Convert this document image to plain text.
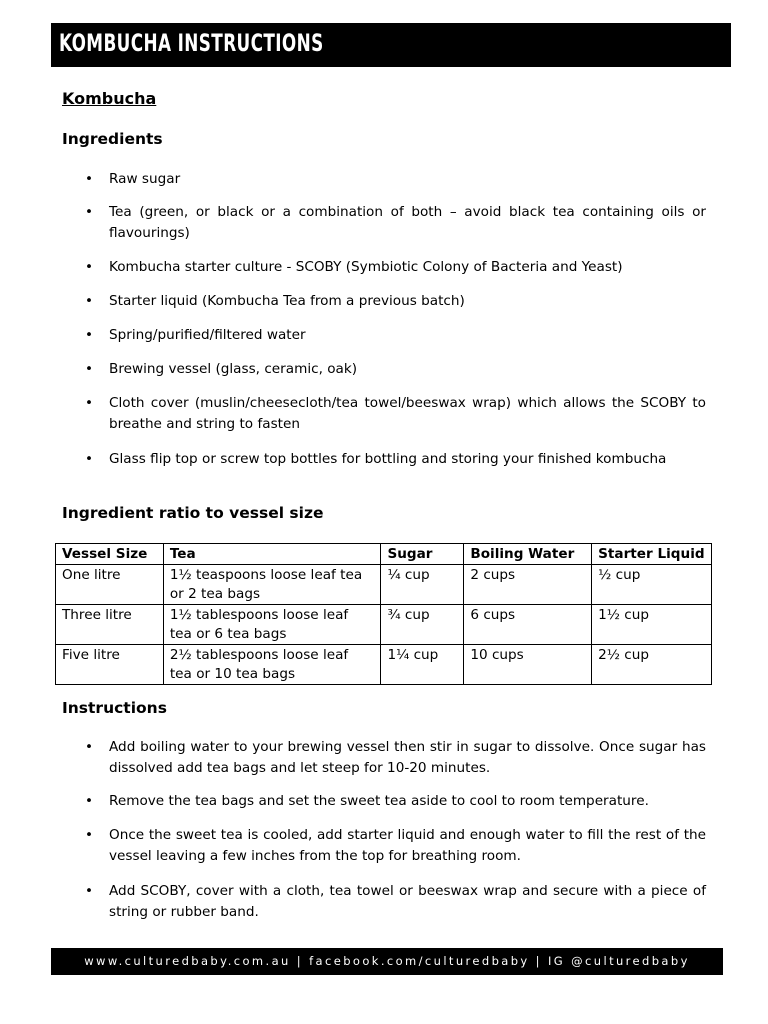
KOMBUCHA INSTRUCTIONS
Kombucha
Ingredients
• Raw sugar
• Tea (green, or black or a combination of both – avoid black tea containing oils or flavourings)
• Kombucha starter culture - SCOBY (Symbiotic Colony of Bacteria and Yeast)
• Starter liquid (Kombucha Tea from a previous batch)
• Spring/purified/filtered water
• Brewing vessel (glass, ceramic, oak)
• Cloth cover (muslin/cheesecloth/tea towel/beeswax wrap) which allows the SCOBY to breathe and string to fasten
• Glass flip top or screw top bottles for bottling and storing your finished kombucha
Ingredient ratio to vessel size
Vessel Size	Tea	Sugar	Boiling Water	Starter Liquid
One litre	1½ teaspoons loose leaf tea or 2 tea bags	¼ cup	2 cups	½ cup
Three litre	1½ tablespoons loose leaf tea or 6 tea bags	¾ cup	6 cups	1½ cup
Five litre	2½ tablespoons loose leaf tea or 10 tea bags	1¼ cup	10 cups	2½ cup
Instructions
• Add boiling water to your brewing vessel then stir in sugar to dissolve. Once sugar has dissolved add tea bags and let steep for 10-20 minutes.
• Remove the tea bags and set the sweet tea aside to cool to room temperature.
• Once the sweet tea is cooled, add starter liquid and enough water to fill the rest of the vessel leaving a few inches from the top for breathing room.
• Add SCOBY, cover with a cloth, tea towel or beeswax wrap and secure with a piece of string or rubber band.
www.culturedbaby.com.au | facebook.com/culturedbaby | IG @culturedbaby
